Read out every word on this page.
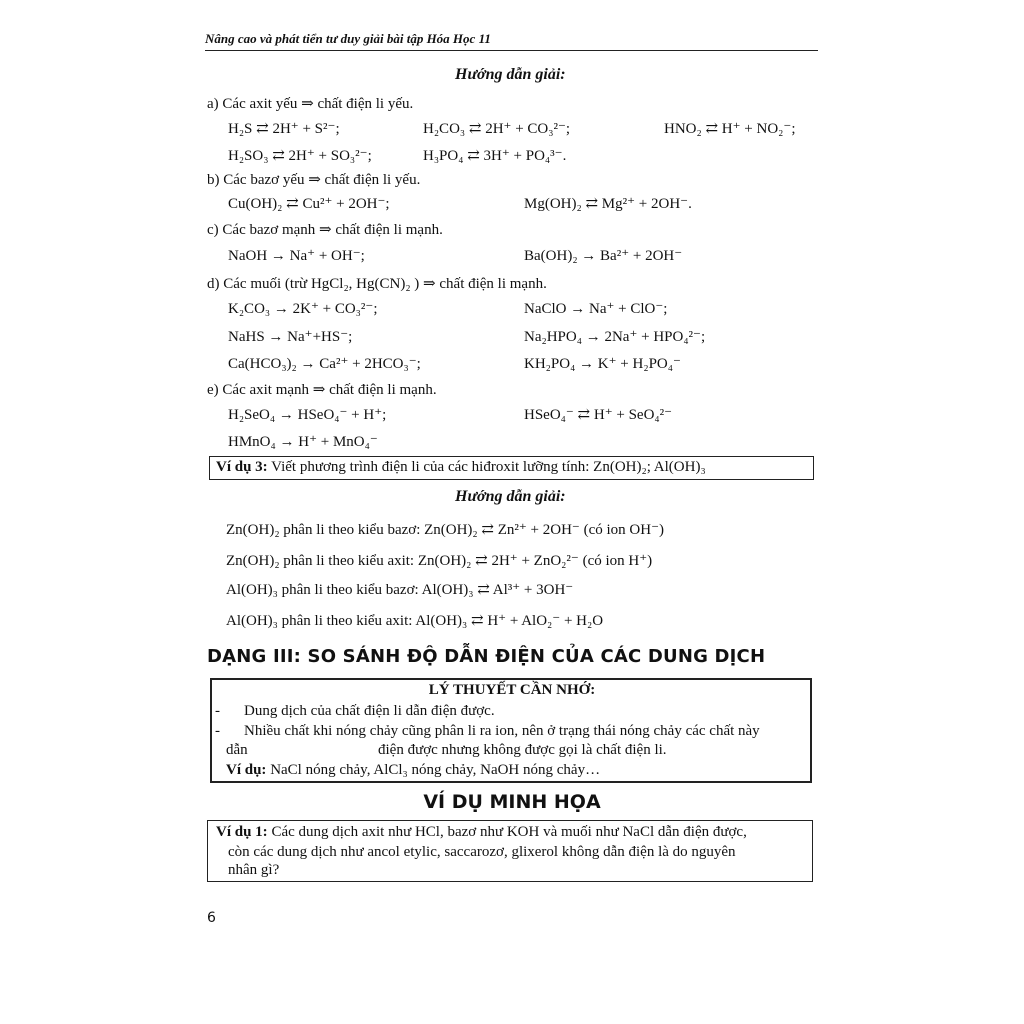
Nâng cao và phát tiển tư duy giải bài tập Hóa Học 11
Hướng dẫn giải:
a) Các axit yếu ⇒ chất điện li yếu.
H₂S ⇄ 2H⁺ + S²⁻;	H₂CO₃ ⇄ 2H⁺ + CO₃²⁻;	HNO₂ ⇄ H⁺ + NO₂⁻;
H₂SO₃ ⇄ 2H⁺ + SO₃²⁻;	H₃PO₄ ⇄ 3H⁺ + PO₄³⁻.
b) Các bazơ yếu ⇒ chất điện li yếu.
Cu(OH)₂ ⇄ Cu²⁺ + 2OH⁻;	Mg(OH)₂ ⇄ Mg²⁺ + 2OH⁻.
c) Các bazơ mạnh ⇒ chất điện li mạnh.
NaOH → Na⁺ + OH⁻;	Ba(OH)₂ → Ba²⁺ + 2OH⁻
d) Các muối (trừ HgCl₂, Hg(CN)₂ ) ⇒ chất điện li mạnh.
K₂CO₃ → 2K⁺ + CO₃²⁻;	NaClO → Na⁺ + ClO⁻;
NaHS → Na⁺+HS⁻;	Na₂HPO₄ → 2Na⁺ + HPO₄²⁻;
Ca(HCO₃)₂ → Ca²⁺ + 2HCO₃⁻;	KH₂PO₄ → K⁺ + H₂PO₄⁻
e) Các axit mạnh ⇒ chất điện li mạnh.
H₂SeO₄ → HSeO₄⁻ + H⁺;	HSeO₄⁻ ⇄ H⁺ + SeO₄²⁻
HMnO₄ → H⁺ + MnO₄⁻
Ví dụ 3: Viết phương trình điện li của các hiđroxit lưỡng tính: Zn(OH)₂; Al(OH)₃
Hướng dẫn giải:
Zn(OH)₂ phân li theo kiểu bazơ: Zn(OH)₂ ⇄ Zn²⁺ + 2OH⁻ (có ion OH⁻)
Zn(OH)₂ phân li theo kiểu axit: Zn(OH)₂ ⇄ 2H⁺ + ZnO₂²⁻ (có ion H⁺)
Al(OH)₃ phân li theo kiểu bazơ: Al(OH)₃ ⇄ Al³⁺ + 3OH⁻
Al(OH)₃ phân li theo kiểu axit: Al(OH)₃ ⇄ H⁺ + AlO₂⁻ + H₂O
DẠNG III: SO SÁNH ĐỘ DẪN ĐIỆN CỦA CÁC DUNG DỊCH
LÝ THUYẾT CẦN NHỚ:
- Dung dịch của chất điện li dẫn điện được.
- Nhiều chất khi nóng chảy cũng phân li ra ion, nên ở trạng thái nóng chảy các chất này
dẫn	điện được nhưng không được gọi là chất điện li.
Ví dụ: NaCl nóng chảy, AlCl₃ nóng chảy, NaOH nóng chảy…
VÍ DỤ MINH HỌA
Ví dụ 1: Các dung dịch axit như HCl, bazơ như KOH và muối như NaCl dẫn điện được,
còn các dung dịch như ancol etylic, saccarozơ, glixerol không dẫn điện là do nguyên
nhân gì?
6
